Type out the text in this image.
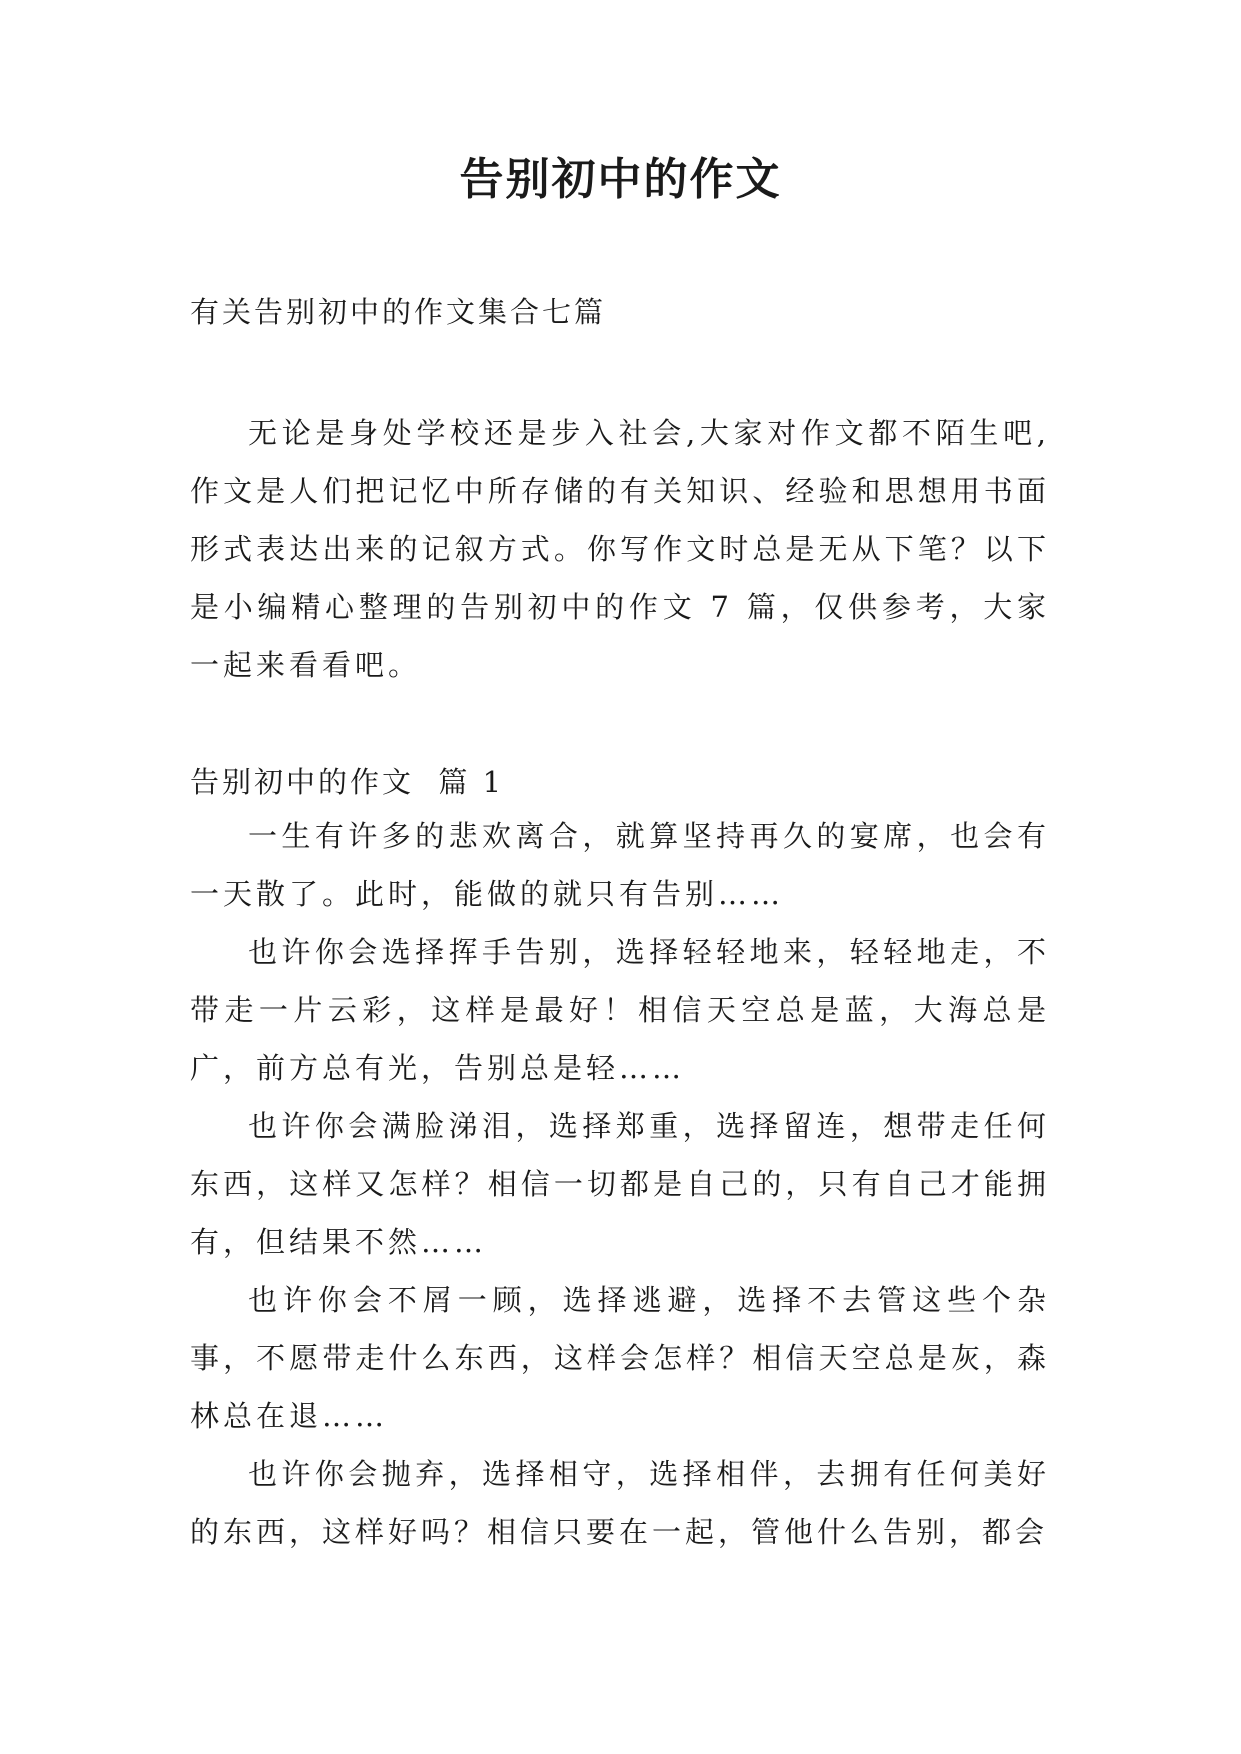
告别初中的作文

有关告别初中的作文集合七篇

无论是身处学校还是步入社会,大家对作文都不陌生吧,作文是人们把记忆中所存储的有关知识、经验和思想用书面形式表达出来的记叙方式。你写作文时总是无从下笔？以下是小编精心整理的告别初中的作文 7 篇，仅供参考，大家一起来看看吧。

告别初中的作文  篇 1

一生有许多的悲欢离合，就算坚持再久的宴席，也会有一天散了。此时，能做的就只有告别……

也许你会选择挥手告别，选择轻轻地来，轻轻地走，不带走一片云彩，这样是最好！相信天空总是蓝，大海总是广，前方总有光，告别总是轻……

也许你会满脸涕泪，选择郑重，选择留连，想带走任何东西，这样又怎样？相信一切都是自己的，只有自己才能拥有，但结果不然……

也许你会不屑一顾，选择逃避，选择不去管这些个杂事，不愿带走什么东西，这样会怎样？相信天空总是灰，森林总在退……

也许你会抛弃，选择相守，选择相伴，去拥有任何美好的东西，这样好吗？相信只要在一起，管他什么告别，都会
